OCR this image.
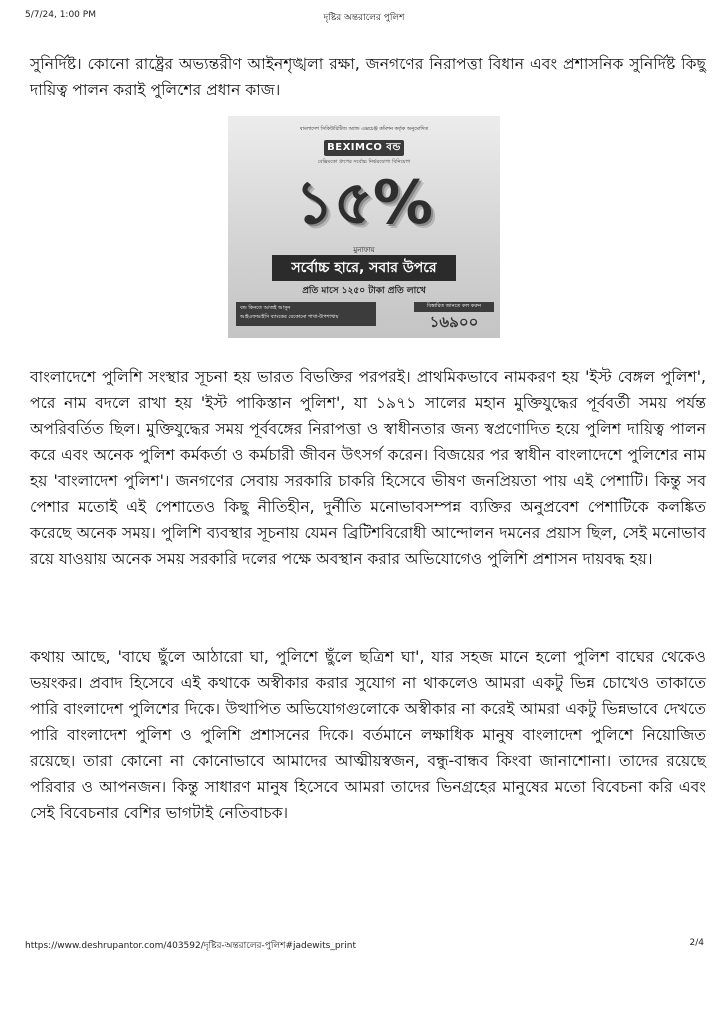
5/7/24, 1:00 PM	দৃষ্টির অন্তরালের পুলিশ

সুনির্দিষ্ট। কোনো রাষ্ট্রের অভ্যন্তরীণ আইনশৃঙ্খলা রক্ষা, জনগণের নিরাপত্তা বিধান এবং প্রশাসনিক সুনির্দিষ্ট কিছু দায়িত্ব পালন করাই পুলিশের প্রধান কাজ।

বাংলাদেশ সিকিউরিটিজ অ্যান্ড এক্সচেঞ্জ কমিশন কর্তৃক অনুমোদিত
BEXIMCO বন্ড
বেক্সিমকো গ্রুপের সর্বোচ্চ নির্ভরযোগ্য বিনিয়োগ
১৫%
মুনাফায়
সর্বোচ্চ হারে, সবার উপরে
প্রতি মাসে ১২৫০ টাকা প্রতি লাখে
বন্ড কিনতে আজই আসুন
আইএফআইসি ব্যাংকের যেকোনো শাখা-উপশাখায়
বিস্তারিত জানতে কল করুন
১৬৯০০

বাংলাদেশে পুলিশি সংস্থার সূচনা হয় ভারত বিভক্তির পরপরই। প্রাথমিকভাবে নামকরণ হয় 'ইস্ট বেঙ্গল পুলিশ', পরে নাম বদলে রাখা হয় 'ইস্ট পাকিস্তান পুলিশ', যা ১৯৭১ সালের মহান মুক্তিযুদ্ধের পূর্ববর্তী সময় পর্যন্ত অপরিবর্তিত ছিল। মুক্তিযুদ্ধের সময় পূর্ববঙ্গের নিরাপত্তা ও স্বাধীনতার জন্য স্বপ্রণোদিত হয়ে পুলিশ দায়িত্ব পালন করে এবং অনেক পুলিশ কর্মকর্তা ও কর্মচারী জীবন উৎসর্গ করেন। বিজয়ের পর স্বাধীন বাংলাদেশে পুলিশের নাম হয় 'বাংলাদেশ পুলিশ'। জনগণের সেবায় সরকারি চাকরি হিসেবে ভীষণ জনপ্রিয়তা পায় এই পেশাটি। কিন্তু সব পেশার মতোই এই পেশাতেও কিছু নীতিহীন, দুর্নীতি মনোভাবসম্পন্ন ব্যক্তির অনুপ্রবেশ পেশাটিকে কলঙ্কিত করেছে অনেক সময়। পুলিশি ব্যবস্থার সূচনায় যেমন ব্রিটিশবিরোধী আন্দোলন দমনের প্রয়াস ছিল, সেই মনোভাব রয়ে যাওয়ায় অনেক সময় সরকারি দলের পক্ষে অবস্থান করার অভিযোগেও পুলিশি প্রশাসন দায়বদ্ধ হয়।

কথায় আছে, 'বাঘে ছুঁলে আঠারো ঘা, পুলিশে ছুঁলে ছত্রিশ ঘা', যার সহজ মানে হলো পুলিশ বাঘের থেকেও ভয়ংকর। প্রবাদ হিসেবে এই কথাকে অস্বীকার করার সুযোগ না থাকলেও আমরা একটু ভিন্ন চোখেও তাকাতে পারি বাংলাদেশ পুলিশের দিকে। উত্থাপিত অভিযোগগুলোকে অস্বীকার না করেই আমরা একটু ভিন্নভাবে দেখতে পারি বাংলাদেশ পুলিশ ও পুলিশি প্রশাসনের দিকে। বর্তমানে লক্ষাধিক মানুষ বাংলাদেশ পুলিশে নিয়োজিত রয়েছে। তারা কোনো না কোনোভাবে আমাদের আত্মীয়স্বজন, বন্ধু-বান্ধব কিংবা জানাশোনা। তাদের রয়েছে পরিবার ও আপনজন। কিন্তু সাধারণ মানুষ হিসেবে আমরা তাদের ভিনগ্রহের মানুষের মতো বিবেচনা করি এবং সেই বিবেচনার বেশির ভাগটাই নেতিবাচক।

https://www.deshrupantor.com/403592/দৃষ্টির-অন্তরালের-পুলিশ#jadewits_print	2/4
